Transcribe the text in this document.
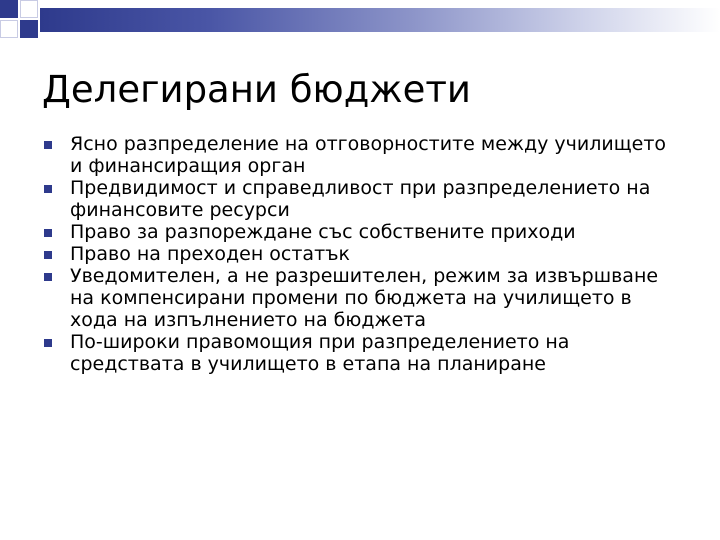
Делегирани бюджети
Ясно разпределение на отговорностите между училището и финансиращия орган
Предвидимост и справедливост при разпределението на финансовите ресурси
Право за разпореждане със собствените приходи
Право на преходен остатък
Уведомителен, а не разрешителен, режим за извършване на компенсирани промени по бюджета на училището в хода на изпълнението на бюджета
По-широки правомощия при разпределението на средствата в училището в етапа на планиране
